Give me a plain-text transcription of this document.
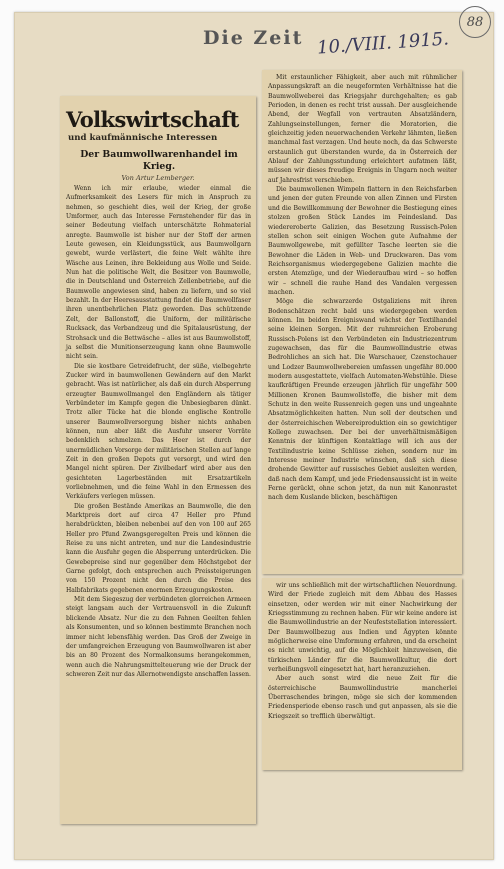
Die Zeit 10./VIII. 1915.
88
Volkswirtschaft
und kaufmännische Interessen
Der Baumwollwarenhandel im Krieg.
Von Artur Lemberger.

Wenn ich mir erlaube, wieder einmal die Aufmerksamkeit des Lesers für mich in Anspruch zu nehmen, so geschieht dies, weil der Krieg, der große Umformer, auch das Interesse Fernstehender für das in seiner Bedeutung vielfach unterschätzte Rohmaterial anregte. Baumwolle ist bisher nur der Stoff der armen Leute gewesen, ein Kleidungsstück, aus Baumwollgarn gewebt, wurde verlästert, die feine Welt wählte ihre Wäsche aus Leinen, ihre Bekleidung aus Wolle und Seide. Nun hat die politische Welt, die Besitzer von Baumwolle, die in Deutschland und Österreich Zellenbetriebe, auf die Baumwolle angewiesen sind, haben zu liefern, und so viel bezahlt. In der Heeresausstattung findet die Baumwollfaser ihren unentbehrlichen Platz geworden. Das schützende Zelt, der Ballonstoff, die Uniform, der militärische Rucksack, das Verbandzeug und die Spitalausrüstung, der Strohsack und die Bettwäsche – alles ist aus Baumwollstoff, ja selbst die Munitionserzeugung kann ohne Baumwolle nicht sein.

Die sie kostbare Getreidefrucht, der süße, vielbegehrte Zucker wird in baumwollenen Gewändern auf den Markt gebracht. Was ist natürlicher, als daß ein durch Absperrung erzeugter Baumwollmangel den Engländern als tätiger Verbündeter im Kampfe gegen die Unbesiegbaren dünkt. Trotz aller Tücke hat die blonde englische Kontrolle unserer Baumwollversorgung bisher nichts anhaben können, nun aber läßt die Ausfuhr unserer Vorräte bedenklich schmelzen. Das Heer ist durch der unermüdlichen Vorsorge der militärischen Stellen auf lange Zeit in den großen Depots gut versorgt, und wird den Mangel nicht spüren. Der Zivilbedarf wird aber aus den gesichteten Lagerbeständen mit Ersatzartikeln vorliebnehmen, und die feine Wahl in den Ermessen des Verkäufers verlegen müssen.

Die großen Bestände Amerikas an Baumwolle, die den Marktpreis dort auf circa 47 Heller pro Pfund herabdrückten, bleiben nebenbei auf den von 100 auf 265 Heller pro Pfund Zwangsgeregelten Preis und können die Reise zu uns nicht antreten, und nur die Landesindustrie kann die Ausfuhr gegen die Absperrung unterdrücken. Die Gewebepreise sind nur gegenüber dem Höchstgebot der Garne gefolgt, doch entsprechen auch Preissteigerungen von 150 Prozent nicht den durch die Preise des Halbfabrikats gegebenen enormen Erzeugungskosten.

Mit dem Siegeszug der verbündeten glorreichen Armeen steigt langsam auch der Vertrauensvoll in die Zukunft blickende Absatz. Nur die zu den Fahnen Geeilten fehlen als Konsumenten, und so können bestimmte Branchen noch immer nicht lebensfähig werden. Das Groß der Zweige in der umfangreichen Erzeugung von Baumwollwaren ist aber bis an 80 Prozent des Normalkonsums herangekommen, wenn auch die Nahrungsmittelteuerung wie der Druck der schweren Zeit nur das Allernotwendigste anschaffen lassen.

Mit erstaunlicher Fähigkeit, aber auch mit rühmlicher Anpassungskraft an die neugeformten Verhältnisse hat die Baumwollweberei das Kriegsjahr durchgehalten; es gab Perioden, in denen es recht trist aussah. Der ausgleichende Abend, der Wegfall von vertrauten Absatzländern, Zahlungseinstellungen, ferner die Moratorien, die gleichzeitig jeden neuerwachenden Verkehr lähmten, ließen manchmal fast verzagen. Und heute noch, da das Schwerste erstaunlich gut überstanden wurde, da in Österreich der Ablauf der Zahlungsstundung erleichtert aufatmen läßt, müssen wir dieses freudige Ereignis in Ungarn noch weiter auf Jahresfrist verschieben.

Die baumwollenen Wimpeln flattern in den Reichsfarben und jenen der guten Freunde von allen Zinnen und Firsten und die Bewillkommung der Bewohner die Bestiegung eines stolzen großen Stück Landes im Feindesland. Das wiedereroberte Galizien, das Besetzung Russisch-Polen stellen schon seit einigen Wochen gute Aufnahme der Baumwollgewebe, mit gefüllter Tasche leerten sie die Bewohner die Läden in Web- und Druckwaren. Das vom Reichsorganismus wiedergegebene Galizien machte die ersten Atemzüge, und der Wiederaufbau wird – so hoffen wir – schnell die rauhe Hand des Vandalen vergessen machen.

Möge die schwarzerde Ostgaliziens mit ihren Bodenschätzen recht bald uns wiedergegeben werden können. Im beiden Ereigniswand wächst der Textilhandel seine kleinen Sorgen. Mit der ruhmreichen Eroberung Russisch-Polens ist den Verbündeten ein Industriezentrum zugewachsen, das für die Baumwollindustrie etwas Bedrohliches an sich hat. Die Warschauer, Czenstochauer und Lodzer Baumwollwebereien umfassen ungefähr 80.000 modern ausgestattete, vielfach Automaten-Webstühle. Diese kaufkräftigen Freunde erzeugen jährlich für ungefähr 500 Millionen Kronen Baumwollstoffe, die bisher mit dem Schutz in den weite Russenreich gegen uns und ungeahnte Absatzmöglichkeiten hatten. Nun soll der deutschen und der österreichischen Webereiproduktion ein so gewichtiger Kollege zuwachsen. Der bei der unverhältnismäßigen Kenntnis der künftigen Kontaktlage will ich aus der Textilindustrie keine Schlüsse ziehen, sondern nur im Interesse meiner Industrie wünschen, daß sich diese drohende Gewitter auf russisches Gebiet ausleiten werden, daß nach dem Kampf, und jede Friedensaussicht ist in weite Ferne gerückt, ohne schon jetzt, da nun mit Kanonrastet nach dem Kuslande blicken, beschäftigen

wir uns schließlich mit der wirtschaftlichen Neuordnung. Wird der Friede zugleich mit dem Abbau des Hasses einsetzen, oder werden wir mit einer Nachwirkung der Kriegsstimmung zu rechnen haben. Für wir keine andere ist die Baumwollindustrie an der Neufeststellation interessiert. Der Baumwollbezug aus Indien und Ägypten könnte möglicherweise eine Umformung erfahren, und da erscheint es nicht unwichtig, auf die Möglichkeit hinzuweisen, die türkischen Länder für die Baumwollkultur, die dort verheißungsvoll eingesetzt hat, hart heranzuziehen.

Aber auch sonst wird die neue Zeit für die österreichische Baumwollindustrie mancherlei Überraschendes bringen, möge sie sich der kommenden Friedensperiode ebenso rasch und gut anpassen, als sie die Kriegszeit so trefflich überwältigt.
